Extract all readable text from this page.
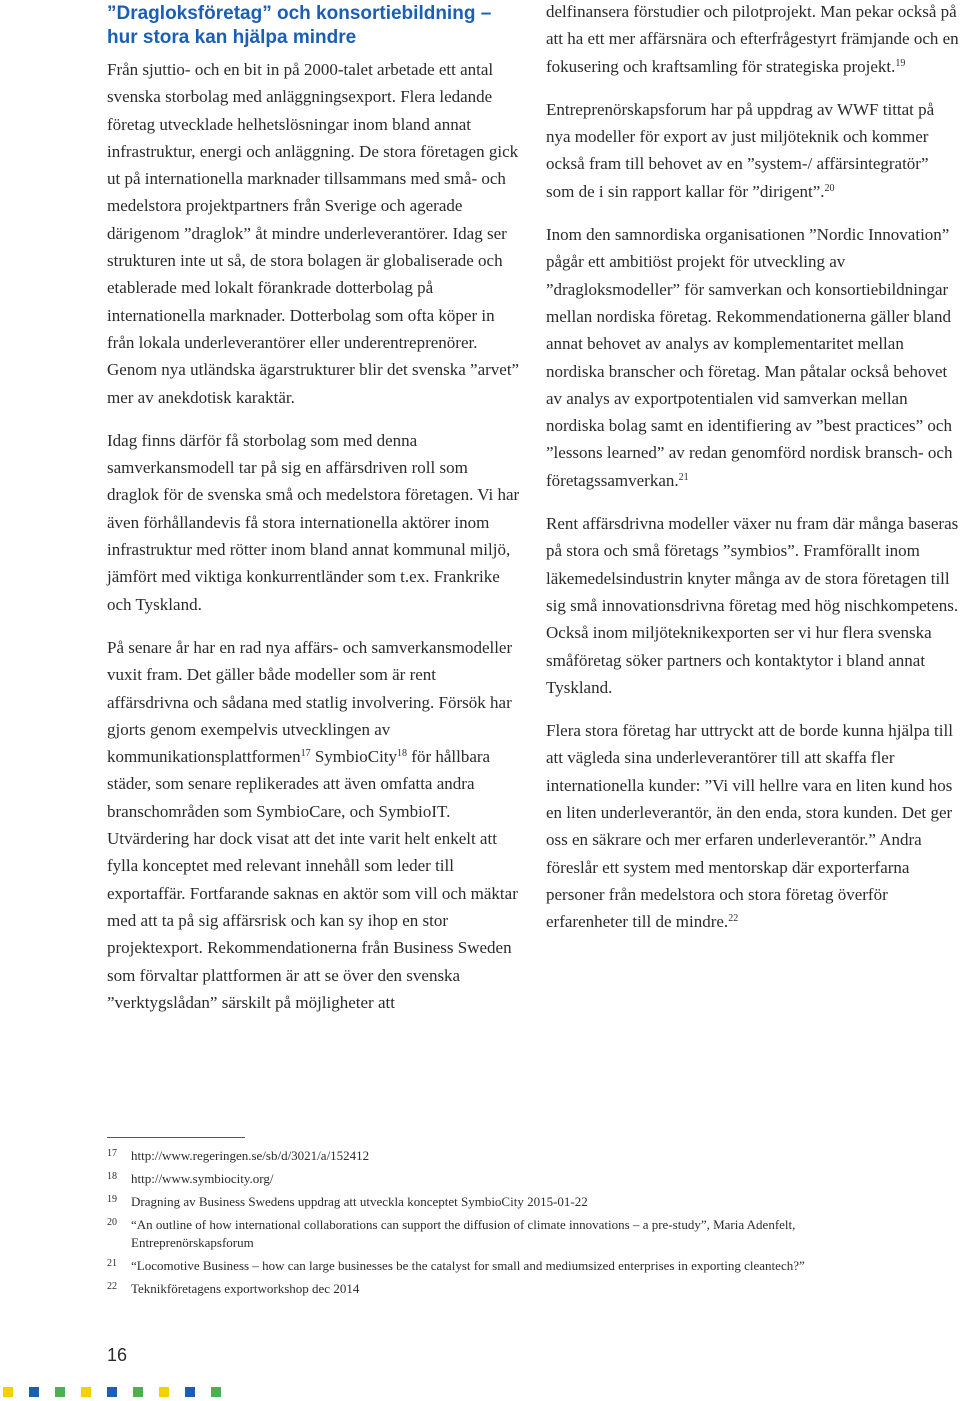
”Dragloksföretag” och konsortiebildning –
hur stora kan hjälpa mindre

Från sjuttio- och en bit in på 2000-talet arbetade ett antal svenska storbolag med anläggningsexport. Flera ledande företag utvecklade helhetslösningar inom bland annat infrastruktur, energi och anläggning. De stora företagen gick ut på internationella marknader tillsammans med små- och medelstora projektpartners från Sverige och agerade därigenom ”draglok” åt mindre underleverantörer. Idag ser strukturen inte ut så, de stora bolagen är globaliserade och etablerade med lokalt förankrade dotterbolag på internationella marknader. Dotterbolag som ofta köper in från lokala underleverantörer eller underentreprenörer. Genom nya utländska ägarstrukturer blir det svenska ”arvet” mer av anekdotisk karaktär.

Idag finns därför få storbolag som med denna samverkansmodell tar på sig en affärsdriven roll som draglok för de svenska små och medelstora företagen. Vi har även förhållandevis få stora internationella aktörer inom infrastruktur med rötter inom bland annat kommunal miljö, jämfört med viktiga konkurrentländer som t.ex. Frankrike och Tyskland.

På senare år har en rad nya affärs- och samverkansmodeller vuxit fram. Det gäller både modeller som är rent affärsdrivna och sådana med statlig involvering. Försök har gjorts genom exempelvis utvecklingen av kommunikationsplattformen$^{17}$ SymbioCity$^{18}$ för hållbara städer, som senare replikerades att även omfatta andra branschområden som SymbioCare, och SymbioIT. Utvärdering har dock visat att det inte varit helt enkelt att fylla konceptet med relevant innehåll som leder till exportaffär. Fortfarande saknas en aktör som vill och mäktar med att ta på sig affärsrisk och kan sy ihop en stor projektexport. Rekommendationerna från Business Sweden som förvaltar plattformen är att se över den svenska ”verktygslådan” särskilt på möjligheter att

delfinansera förstudier och pilotprojekt. Man pekar också på att ha ett mer affärsnära och efterfrågestyrt främjande och en fokusering och kraftsamling för strategiska projekt.$^{19}$

Entreprenörskapsforum har på uppdrag av WWF tittat på nya modeller för export av just miljöteknik och kommer också fram till behovet av en ”system-/ affärsintegratör” som de i sin rapport kallar för ”dirigent”.$^{20}$

Inom den samnordiska organisationen ”Nordic Innovation” pågår ett ambitiöst projekt för utveckling av ”dragloksmodeller” för samverkan och konsortiebildningar mellan nordiska företag. Rekommendationerna gäller bland annat behovet av analys av komplementaritet mellan nordiska branscher och företag. Man påtalar också behovet av analys av exportpotentialen vid samverkan mellan nordiska bolag samt en identifiering av ”best practices” och ”lessons learned” av redan genomförd nordisk bransch- och företagssamverkan.$^{21}$

Rent affärsdrivna modeller växer nu fram där många baseras på stora och små företags ”symbios”. Framförallt inom läkemedelsindustrin knyter många av de stora företagen till sig små innovationsdrivna företag med hög nischkompetens. Också inom miljöteknikexporten ser vi hur flera svenska småföretag söker partners och kontaktytor i bland annat Tyskland.

Flera stora företag har uttryckt att de borde kunna hjälpa till att vägleda sina underleverantörer till att skaffa fler internationella kunder: ”Vi vill hellre vara en liten kund hos en liten underleverantör, än den enda, stora kunden. Det ger oss en säkrare och mer erfaren underleverantör.” Andra föreslår ett system med mentorskap där exporterfarna personer från medelstora och stora företag överför erfarenheter till de mindre.$^{22}$

17	http://www.regeringen.se/sb/d/3021/a/152412
18	http://www.symbiocity.org/
19	Dragning av Business Swedens uppdrag att utveckla konceptet SymbioCity 2015-01-22
20	“An outline of how international collaborations can support the diffusion of climate innovations – a pre-study”, Maria Adenfelt, Entreprenörskapsforum
21	“Locomotive Business – how can large businesses be the catalyst for small and mediumsized enterprises in exporting cleantech?”
22	Teknikföretagens exportworkshop dec 2014
16
